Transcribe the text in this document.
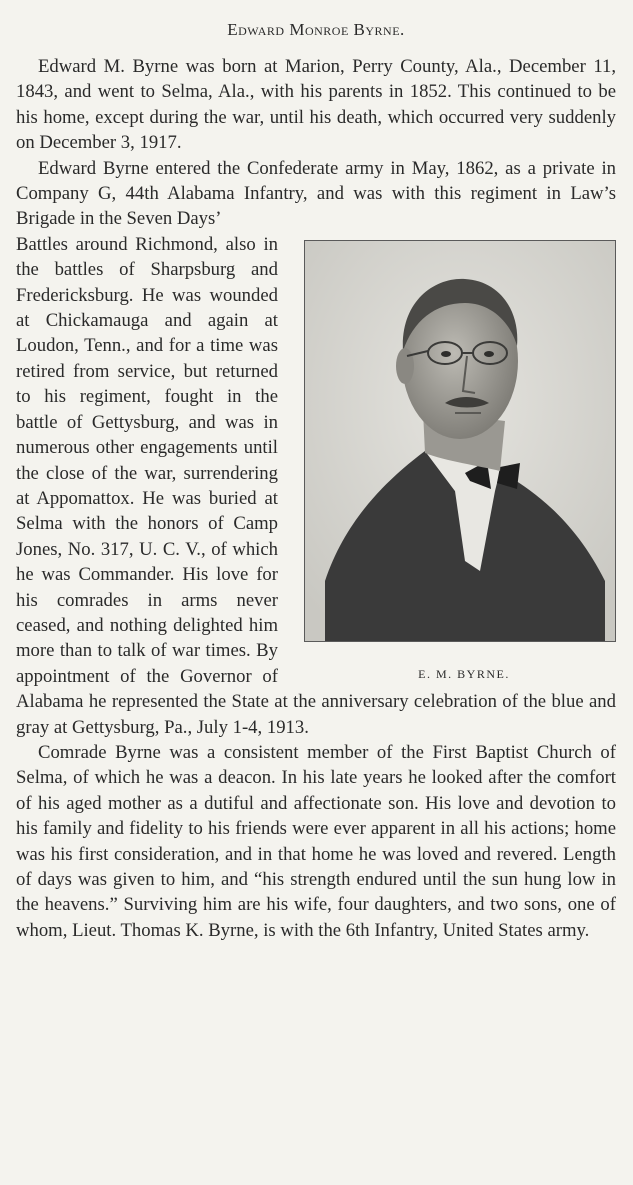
Edward Monroe Byrne.

Edward M. Byrne was born at Marion, Perry County, Ala., December 11, 1843, and went to Selma, Ala., with his parents in 1852. This continued to be his home, except during the war, until his death, which occurred very suddenly on December 3, 1917.

Edward Byrne entered the Confederate army in May, 1862, as a private in Company G, 44th Alabama Infantry, and was with this regiment in Law’s Brigade in the Seven Days’

E. M. BYRNE.

Battles around Richmond, also in the battles of Sharpsburg and Fredericksburg. He was wounded at Chickamauga and again at Loudon, Tenn., and for a time was retired from service, but returned to his regiment, fought in the battle of Gettysburg, and was in numerous other engagements until the close of the war, surrendering at Appomattox. He was buried at Selma with the honors of Camp Jones, No. 317, U. C. V., of which he was Commander. His love for his comrades in arms never ceased, and nothing delighted him more than to talk of war times. By appointment of the Governor of Alabama he represented the State at the anniversary celebration of the blue and gray at Gettysburg, Pa., July 1-4, 1913.

Comrade Byrne was a consistent member of the First Baptist Church of Selma, of which he was a deacon. In his late years he looked after the comfort of his aged mother as a dutiful and affectionate son. His love and devotion to his family and fidelity to his friends were ever apparent in all his actions; home was his first consideration, and in that home he was loved and revered. Length of days was given to him, and “his strength endured until the sun hung low in the heavens.” Surviving him are his wife, four daughters, and two sons, one of whom, Lieut. Thomas K. Byrne, is with the 6th Infantry, United States army.
